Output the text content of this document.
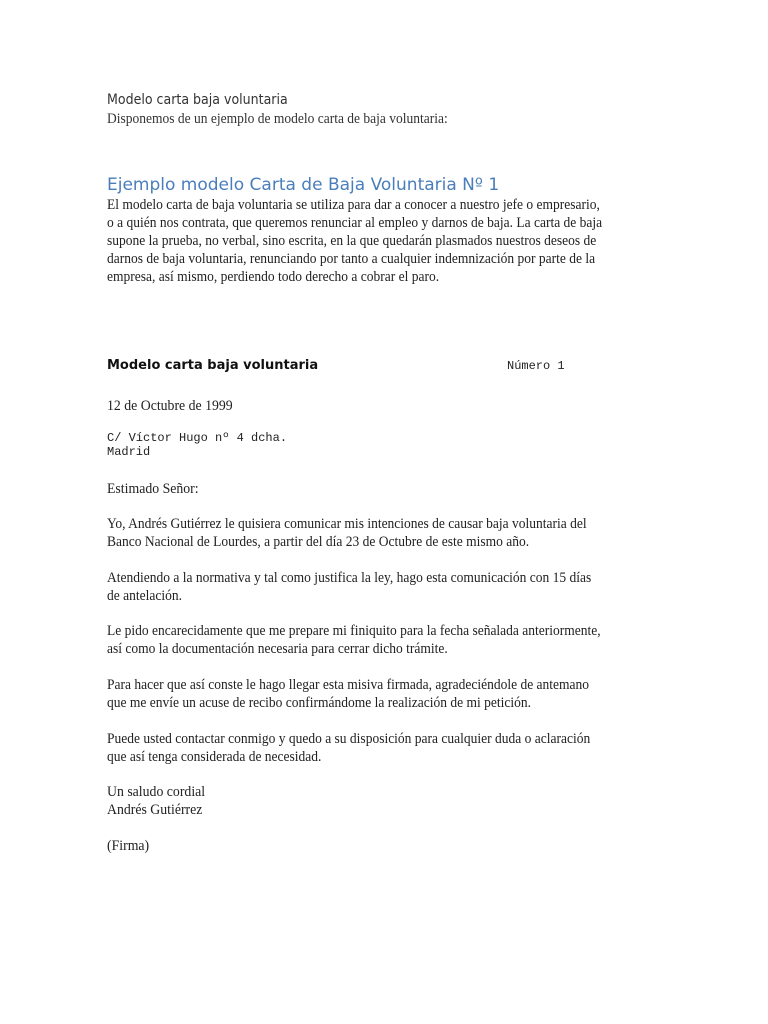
Modelo carta baja voluntaria
Disponemos de un ejemplo de modelo carta de baja voluntaria:
Ejemplo modelo Carta de Baja Voluntaria Nº 1
El modelo carta de baja voluntaria se utiliza para dar a conocer a nuestro jefe o empresario,
o a quién nos contrata, que queremos renunciar al empleo y darnos de baja. La carta de baja
supone la prueba, no verbal, sino escrita, en la que quedarán plasmados nuestros deseos de
darnos de baja voluntaria, renunciando por tanto a cualquier indemnización por parte de la
empresa, así mismo, perdiendo todo derecho a cobrar el paro.
Modelo carta baja voluntaria	Número 1
12 de Octubre de 1999
C/ Víctor Hugo nº 4 dcha.
Madrid
Estimado Señor:
Yo, Andrés Gutiérrez le quisiera comunicar mis intenciones de causar baja voluntaria del
Banco Nacional de Lourdes, a partir del día 23 de Octubre de este mismo año.
Atendiendo a la normativa y tal como justifica la ley, hago esta comunicación con 15 días
de antelación.
Le pido encarecidamente que me prepare mi finiquito para la fecha señalada anteriormente,
así como la documentación necesaria para cerrar dicho trámite.
Para hacer que así conste le hago llegar esta misiva firmada, agradeciéndole de antemano
que me envíe un acuse de recibo confirmándome la realización de mi petición.
Puede usted contactar conmigo y quedo a su disposición para cualquier duda o aclaración
que así tenga considerada de necesidad.
Un saludo cordial
Andrés Gutiérrez
(Firma)
